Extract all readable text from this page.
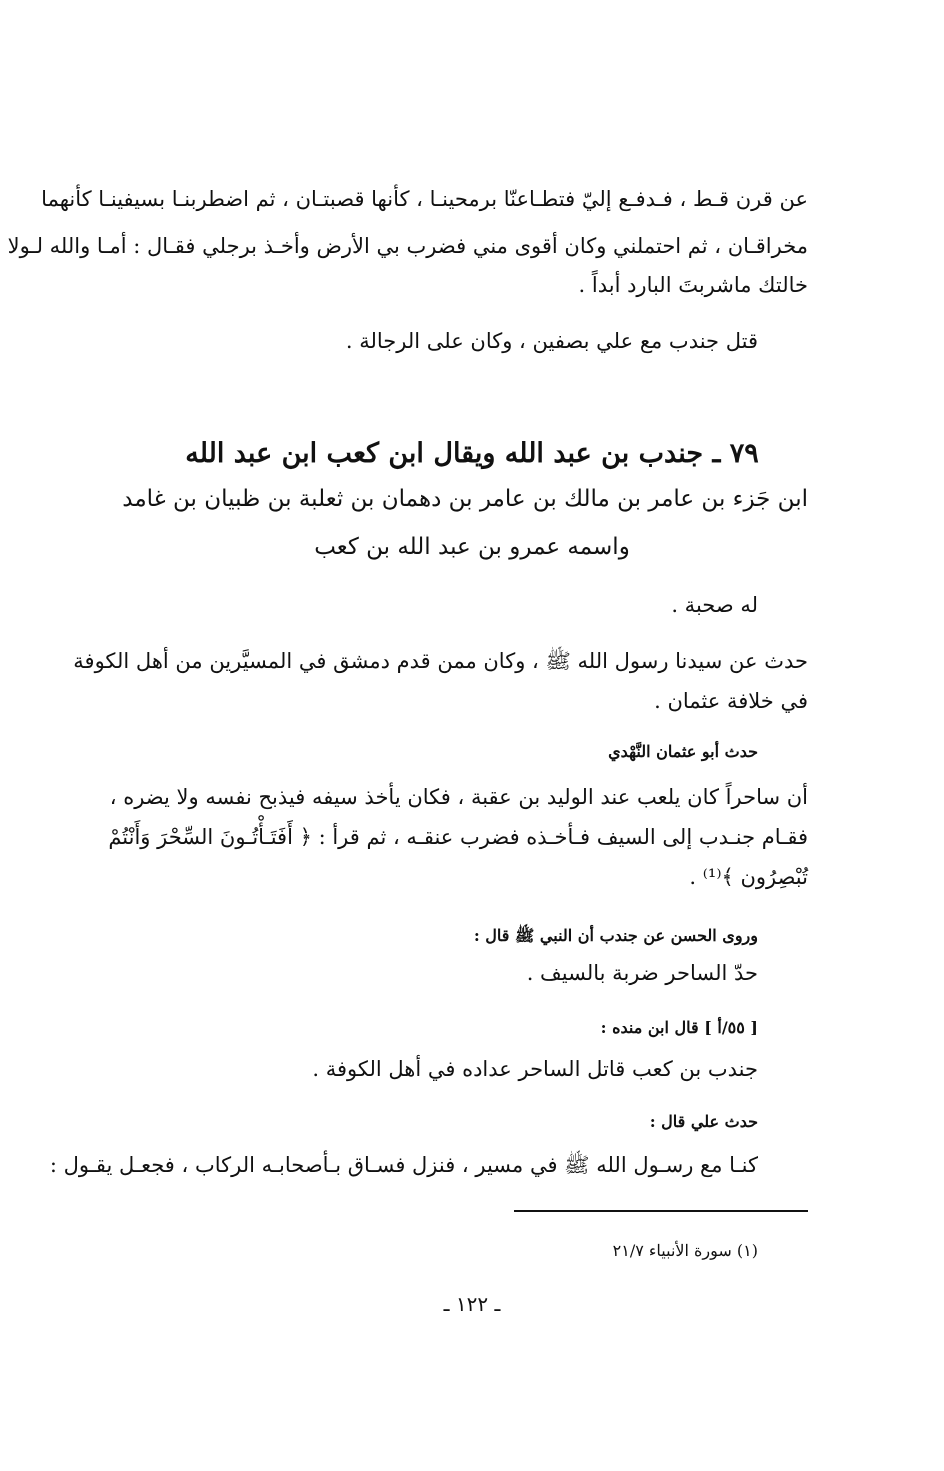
عن قرن قـط ، فـدفـع إليّ فتطـاعنّا برمحينـا ، كأنها قصبتـان ، ثم اضطربنـا بسيفينـا كأنهما
مخراقـان ، ثم احتملني وكان أقوى مني فضرب بي الأرض وأخـذ برجلي فقـال : أمـا والله لـولا
خالتك ماشربتَ البارد أبداً .
قتل جندب مع علي بصفين ، وكان على الرجالة .
٧٩ ـ جندب بن عبد الله ويقال ابن كعب ابن عبد الله
ابن جَزء بن عامر بن مالك بن عامر بن دهمان بن ثعلبة بن ظبيان بن غامد
واسمه عمرو بن عبد الله بن كعب
له صحبة .
حدث عن سيدنا رسول الله ﷺ ، وكان ممن قدم دمشق في المسيَّرين من أهل الكوفة
في خلافة عثمان .
حدث أبو عثمان النَّهْدي
أن ساحراً كان يلعب عند الوليد بن عقبة ، فكان يأخذ سيفه فيذبح نفسه ولا يضره ،
فقـام جنـدب إلى السيف فـأخـذه فضرب عنقـه ، ثم قرأ : ﴿ أَفَتَـأْتُـونَ السِّحْرَ وَأَنْتُمْ
تُبْصِرُون ﴾⁽¹⁾ .
وروى الحسن عن جندب أن النبي ﷺ قال :
حدّ الساحر ضربة بالسيف .
[ ٥٥/أ ] قال ابن منده :
جندب بن كعب قاتل الساحر عداده في أهل الكوفة .
حدث علي قال :
كنـا مع رسـول الله ﷺ في مسير ، فنزل فسـاق بـأصحابـه الركاب ، فجعـل يقـول :
(١) سورة الأنبياء ٢١/٧
ـ ١٢٢ ـ
